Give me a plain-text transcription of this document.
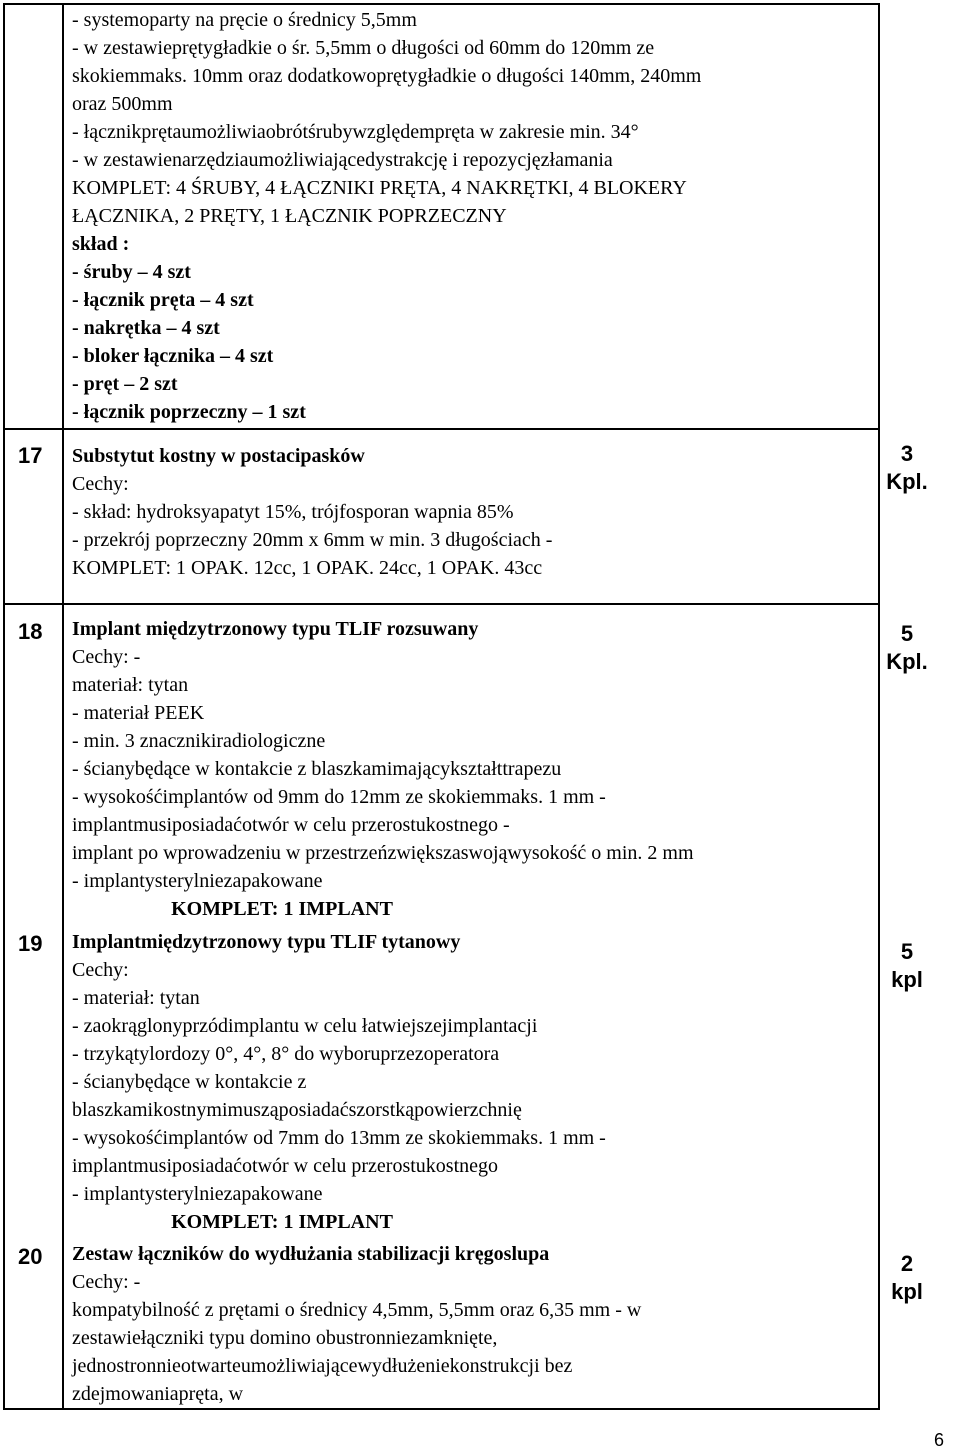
- systemoparty na pręcie o średnicy 5,5mm
- w zestawieprętygładkie o śr. 5,5mm o długości od 60mm do 120mm ze
skokiemmaks. 10mm oraz dodatkowoprętygładkie o długości 140mm, 240mm
oraz 500mm
- łącznikprętaumożliwiaobrótśrubywzględempręta w zakresie min. 34°
- w zestawienarzędziaumożliwiającedystrakcję i repozycjęzłamania
KOMPLET: 4 ŚRUBY, 4 ŁĄCZNIKI PRĘTA, 4 NAKRĘTKI, 4 BLOKERY
ŁĄCZNIKA, 2 PRĘTY, 1 ŁĄCZNIK POPRZECZNY
skład :
- śruby – 4 szt
- łącznik pręta – 4 szt
- nakrętka – 4 szt
- bloker łącznika – 4 szt
- pręt – 2 szt
- łącznik poprzeczny – 1 szt
17 Substytut kostny w postacipasków
Cechy:
- skład: hydroksyapatyt 15%, trójfosporan wapnia 85%
- przekrój poprzeczny 20mm x 6mm w min. 3 długościach -
KOMPLET: 1 OPAK. 12cc, 1 OPAK. 24cc, 1 OPAK. 43cc
3
Kpl.
18 Implant międzytrzonowy typu TLIF rozsuwany
Cechy: -
materiał: tytan
- materiał PEEK
- min. 3 znacznikiradiologiczne
- ścianybędące w kontakcie z blaszkamimającykształttrapezu
- wysokośćimplantów od 9mm do 12mm ze skokiemmaks. 1 mm -
implantmusiposiadaćotwór w celu przerostukostnego -
implant po wprowadzeniu w przestrzeńzwiększaswojąwysokość o min. 2 mm
- implantysterylniezapakowane
KOMPLET: 1 IMPLANT
5
Kpl.
19 Implantmiędzytrzonowy typu TLIF tytanowy
Cechy:
- materiał: tytan
- zaokrąglonyprzódimplantu w celu łatwiejszejimplantacji
- trzykątylordozy 0°, 4°, 8° do wyboruprzezoperatora
- ścianybędące w kontakcie z
blaszkamikostnymimusząposiadaćszorstkąpowierzchnię
- wysokośćimplantów od 7mm do 13mm ze skokiemmaks. 1 mm -
implantmusiposiadaćotwór w celu przerostukostnego
- implantysterylniezapakowane
KOMPLET: 1 IMPLANT
5
kpl
20 Zestaw łączników do wydłużania stabilizacji kręgoslupa
Cechy: -
kompatybilność z prętami o średnicy 4,5mm, 5,5mm oraz 6,35 mm - w
zestawiełączniki typu domino obustronniezamknięte,
jednostronnieotwarteumożliwiającewydłużeniekonstrukcji bez
zdejmowaniapręta, w
2
kpl
6
